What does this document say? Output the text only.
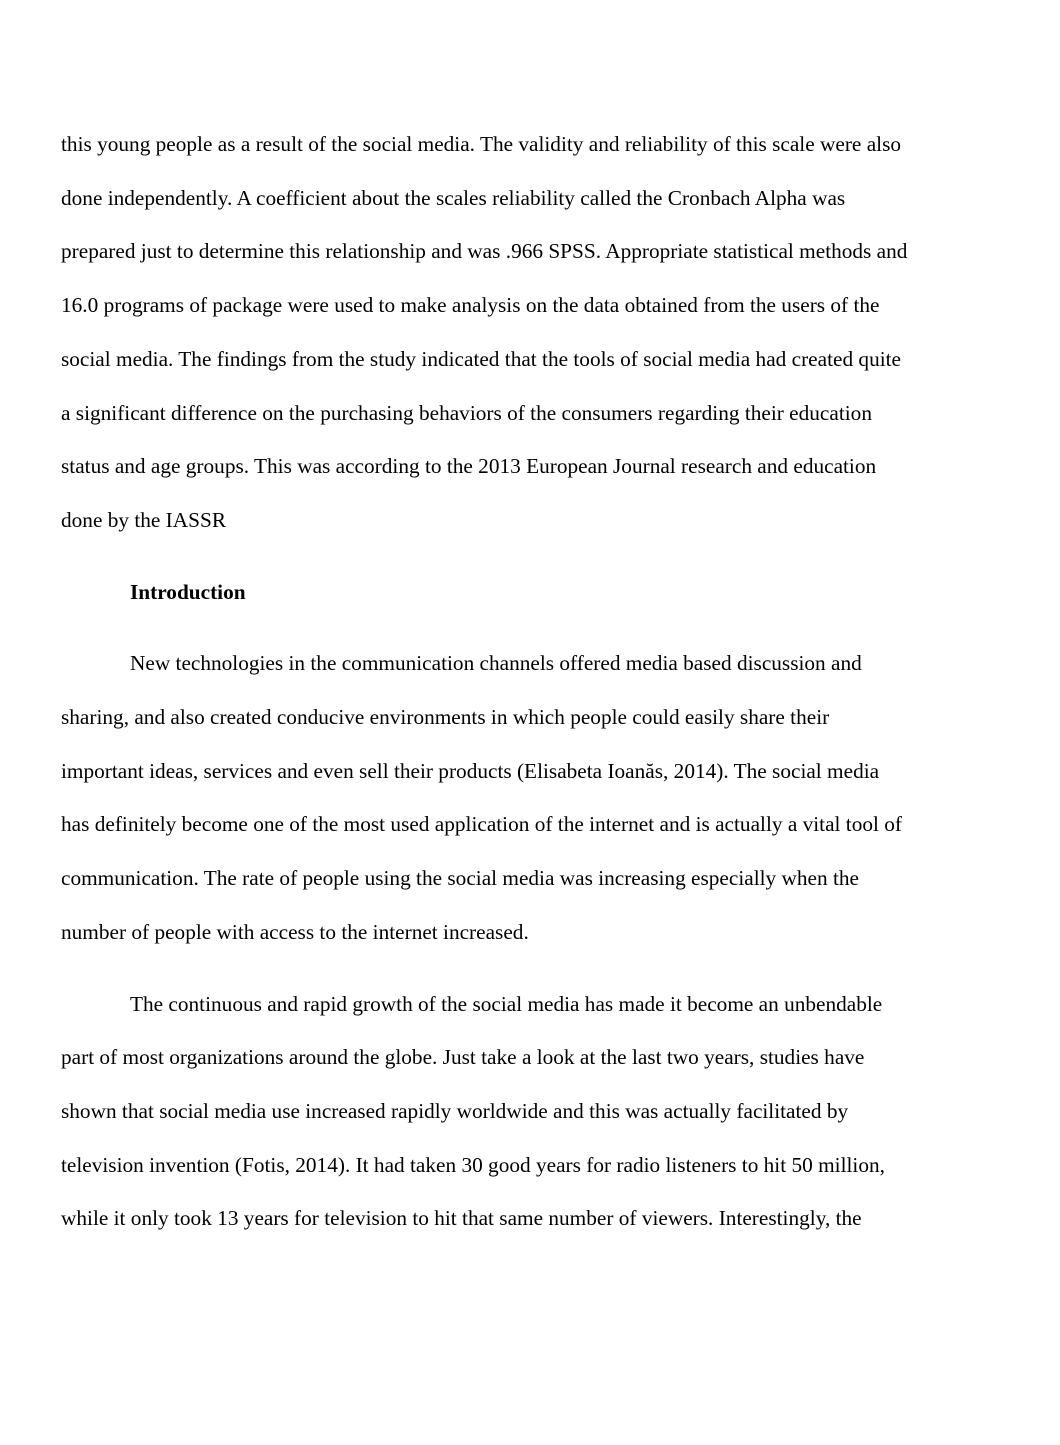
this young people as a result of the social media. The validity and reliability of this scale were also
done independently. A coefficient about the scales reliability called the Cronbach Alpha was
prepared just to determine this relationship and was .966 SPSS. Appropriate statistical methods and
16.0 programs of package were used to make analysis on the data obtained from the users of the
social media. The findings from the study indicated that the tools of social media had created quite
a significant difference on the purchasing behaviors of the consumers regarding their education
status and age groups. This was according to the 2013 European Journal research and education
done by the IASSR

Introduction

New technologies in the communication channels offered media based discussion and
sharing, and also created conducive environments in which people could easily share their
important ideas, services and even sell their products (Elisabeta Ioanăs, 2014). The social media
has definitely become one of the most used application of the internet and is actually a vital tool of
communication. The rate of people using the social media was increasing especially when the
number of people with access to the internet increased.

The continuous and rapid growth of the social media has made it become an unbendable
part of most organizations around the globe. Just take a look at the last two years, studies have
shown that social media use increased rapidly worldwide and this was actually facilitated by
television invention (Fotis, 2014). It had taken 30 good years for radio listeners to hit 50 million,
while it only took 13 years for television to hit that same number of viewers. Interestingly, the
